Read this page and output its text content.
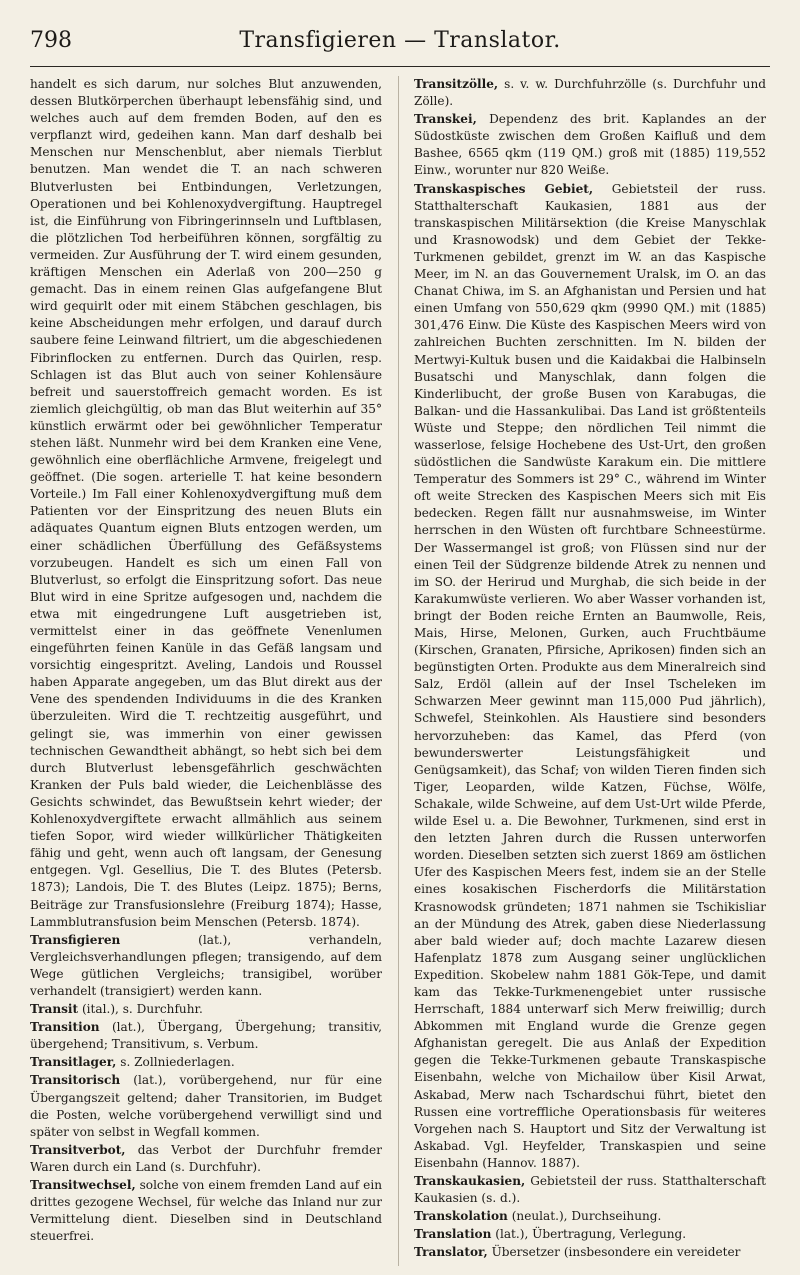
798	Transfigieren — Translator.

handelt es sich darum, nur solches Blut anzuwenden, dessen Blutkörperchen überhaupt lebensfähig sind, und welches auch auf dem fremden Boden, auf den es verpflanzt wird, gedeihen kann. Man darf deshalb bei Menschen nur Menschenblut, aber niemals Tierblut benutzen. Man wendet die T. an nach schweren Blutverlusten bei Entbindungen, Verletzungen, Operationen und bei Kohlenoxydvergiftung. Hauptregel ist, die Einführung von Fibringerinnseln und Luftblasen, die plötzlichen Tod herbeiführen können, sorgfältig zu vermeiden. Zur Ausführung der T. wird einem gesunden, kräftigen Menschen ein Aderlaß von 200—250 g gemacht. Das in einem reinen Glas aufgefangene Blut wird gequirlt oder mit einem Stäbchen geschlagen, bis keine Abscheidungen mehr erfolgen, und darauf durch saubere feine Leinwand filtriert, um die abgeschiedenen Fibrinflocken zu entfernen. Durch das Quirlen, resp. Schlagen ist das Blut auch von seiner Kohlensäure befreit und sauerstoffreich gemacht worden. Es ist ziemlich gleichgültig, ob man das Blut weiterhin auf 35° künstlich erwärmt oder bei gewöhnlicher Temperatur stehen läßt. Nunmehr wird bei dem Kranken eine Vene, gewöhnlich eine oberflächliche Armvene, freigelegt und geöffnet. (Die sogen. arterielle T. hat keine besondern Vorteile.) Im Fall einer Kohlenoxydvergiftung muß dem Patienten vor der Einspritzung des neuen Bluts ein adäquates Quantum eignen Bluts entzogen werden, um einer schädlichen Überfüllung des Gefäßsystems vorzubeugen. Handelt es sich um einen Fall von Blutverlust, so erfolgt die Einspritzung sofort. Das neue Blut wird in eine Spritze aufgesogen und, nachdem die etwa mit eingedrungene Luft ausgetrieben ist, vermittelst einer in das geöffnete Venenlumen eingeführten feinen Kanüle in das Gefäß langsam und vorsichtig eingespritzt. Aveling, Landois und Roussel haben Apparate angegeben, um das Blut direkt aus der Vene des spendenden Individuums in die des Kranken überzuleiten. Wird die T. rechtzeitig ausgeführt, und gelingt sie, was immerhin von einer gewissen technischen Gewandtheit abhängt, so hebt sich bei dem durch Blutverlust lebensgefährlich geschwächten Kranken der Puls bald wieder, die Leichenblässe des Gesichts schwindet, das Bewußtsein kehrt wieder; der Kohlenoxydvergiftete erwacht allmählich aus seinem tiefen Sopor, wird wieder willkürlicher Thätigkeiten fähig und geht, wenn auch oft langsam, der Genesung entgegen. Vgl. Gesellius, Die T. des Blutes (Petersb. 1873); Landois, Die T. des Blutes (Leipz. 1875); Berns, Beiträge zur Transfusionslehre (Freiburg 1874); Hasse, Lammblutransfusion beim Menschen (Petersb. 1874).

Transfigieren (lat.), verhandeln, Vergleichsverhandlungen pflegen; transigendo, auf dem Wege gütlichen Vergleichs; transigibel, worüber verhandelt (transigiert) werden kann.

Transit (ital.), s. Durchfuhr.

Transition (lat.), Übergang, Übergehung; transitiv, übergehend; Transitivum, s. Verbum.

Transitlager, s. Zollniederlagen.

Transitorisch (lat.), vorübergehend, nur für eine Übergangszeit geltend; daher Transitorien, im Budget die Posten, welche vorübergehend verwilligt sind und später von selbst in Wegfall kommen.

Transitverbot, das Verbot der Durchfuhr fremder Waren durch ein Land (s. Durchfuhr).

Transitwechsel, solche von einem fremden Land auf ein drittes gezogene Wechsel, für welche das Inland nur zur Vermittelung dient. Dieselben sind in Deutschland steuerfrei.

Transitzölle, s. v. w. Durchfuhrzölle (s. Durchfuhr und Zölle).

Transkei, Dependenz des brit. Kaplandes an der Südostküste zwischen dem Großen Kaifluß und dem Bashee, 6565 qkm (119 QM.) groß mit (1885) 119,552 Einw., worunter nur 820 Weiße.

Transkaspisches Gebiet, Gebietsteil der russ. Statthalterschaft Kaukasien, 1881 aus der transkaspischen Militärsektion (die Kreise Manyschlak und Krasnowodsk) und dem Gebiet der Tekke-Turkmenen gebildet, grenzt im W. an das Kaspische Meer, im N. an das Gouvernement Uralsk, im O. an das Chanat Chiwa, im S. an Afghanistan und Persien und hat einen Umfang von 550,629 qkm (9990 QM.) mit (1885) 301,476 Einw. Die Küste des Kaspischen Meers wird von zahlreichen Buchten zerschnitten. Im N. bilden der Mertwyi-Kultuk busen und die Kaidakbai die Halbinseln Busatschi und Manyschlak, dann folgen die Kinderlibucht, der große Busen von Karabugas, die Balkan- und die Hassankulibai. Das Land ist größtenteils Wüste und Steppe; den nördlichen Teil nimmt die wasserlose, felsige Hochebene des Ust-Urt, den großen südöstlichen die Sandwüste Karakum ein. Die mittlere Temperatur des Sommers ist 29° C., während im Winter oft weite Strecken des Kaspischen Meers sich mit Eis bedecken. Regen fällt nur ausnahmsweise, im Winter herrschen in den Wüsten oft furchtbare Schneestürme. Der Wassermangel ist groß; von Flüssen sind nur der einen Teil der Südgrenze bildende Atrek zu nennen und im SO. der Herirud und Murghab, die sich beide in der Karakumwüste verlieren. Wo aber Wasser vorhanden ist, bringt der Boden reiche Ernten an Baumwolle, Reis, Mais, Hirse, Melonen, Gurken, auch Fruchtbäume (Kirschen, Granaten, Pfirsiche, Aprikosen) finden sich an begünstigten Orten. Produkte aus dem Mineralreich sind Salz, Erdöl (allein auf der Insel Tscheleken im Schwarzen Meer gewinnt man 115,000 Pud jährlich), Schwefel, Steinkohlen. Als Haustiere sind besonders hervorzuheben: das Kamel, das Pferd (von bewunderswerter Leistungsfähigkeit und Genügsamkeit), das Schaf; von wilden Tieren finden sich Tiger, Leoparden, wilde Katzen, Füchse, Wölfe, Schakale, wilde Schweine, auf dem Ust-Urt wilde Pferde, wilde Esel u. a. Die Bewohner, Turkmenen, sind erst in den letzten Jahren durch die Russen unterworfen worden. Dieselben setzten sich zuerst 1869 am östlichen Ufer des Kaspischen Meers fest, indem sie an der Stelle eines kosakischen Fischerdorfs die Militärstation Krasnowodsk gründeten; 1871 nahmen sie Tschikisliar an der Mündung des Atrek, gaben diese Niederlassung aber bald wieder auf; doch machte Lazarew diesen Hafenplatz 1878 zum Ausgang seiner unglücklichen Expedition. Skobelew nahm 1881 Gök-Tepe, und damit kam das Tekke-Turkmenengebiet unter russische Herrschaft, 1884 unterwarf sich Merw freiwillig; durch Abkommen mit England wurde die Grenze gegen Afghanistan geregelt. Die aus Anlaß der Expedition gegen die Tekke-Turkmenen gebaute Transkaspische Eisenbahn, welche von Michailow über Kisil Arwat, Askabad, Merw nach Tschardschui führt, bietet den Russen eine vortreffliche Operationsbasis für weiteres Vorgehen nach S. Hauptort und Sitz der Verwaltung ist Askabad. Vgl. Heyfelder, Transkaspien und seine Eisenbahn (Hannov. 1887).

Transkaukasien, Gebietsteil der russ. Statthalterschaft Kaukasien (s. d.).

Transkolation (neulat.), Durchseihung.

Translation (lat.), Übertragung, Verlegung.

Translator, Übersetzer (insbesondere ein vereideter
